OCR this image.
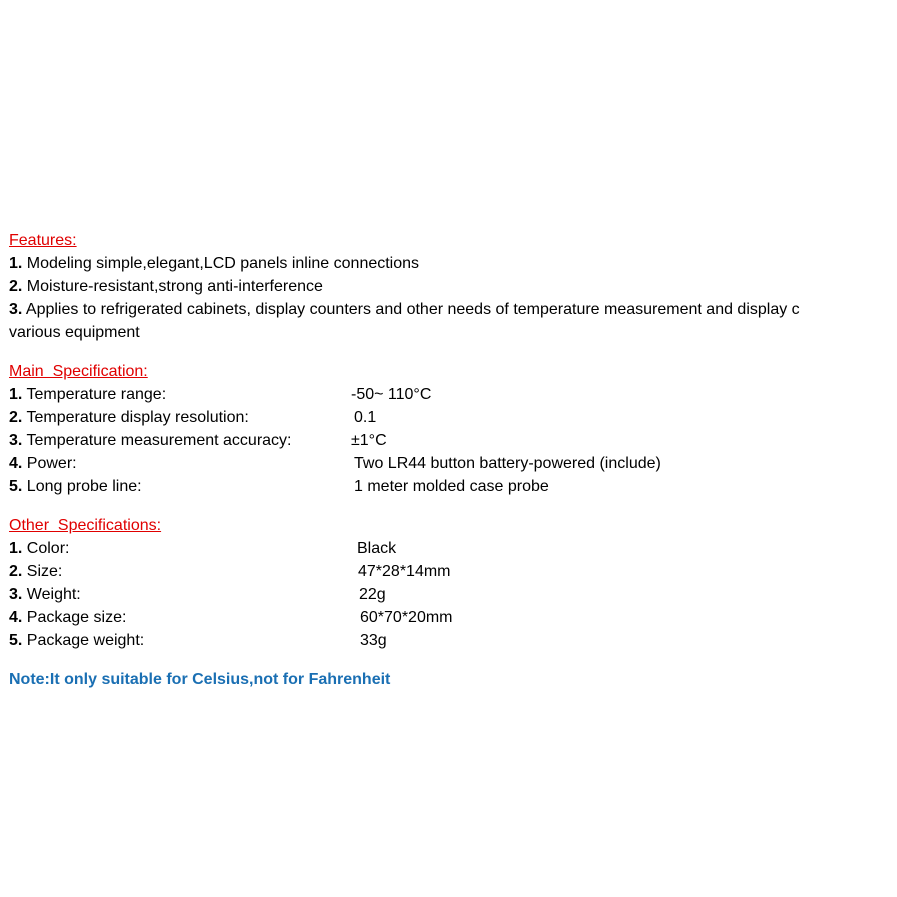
Features:
1. Modeling simple,elegant,LCD panels inline connections
2. Moisture-resistant,strong anti-interference
3. Applies to refrigerated cabinets, display counters and other needs of temperature measurement and display c
various equipment
Main  Specification:
1. Temperature range:	-50~ 110°C
2. Temperature display resolution:	0.1
3. Temperature measurement accuracy:	±1°C
4. Power:	Two LR44 button battery-powered (include)
5. Long probe line:	1 meter molded case probe
Other  Specifications:
1. Color:	Black
2. Size:	47*28*14mm
3. Weight:	22g
4. Package size:	60*70*20mm
5. Package weight:	33g
Note:It only suitable for Celsius,not for Fahrenheit
